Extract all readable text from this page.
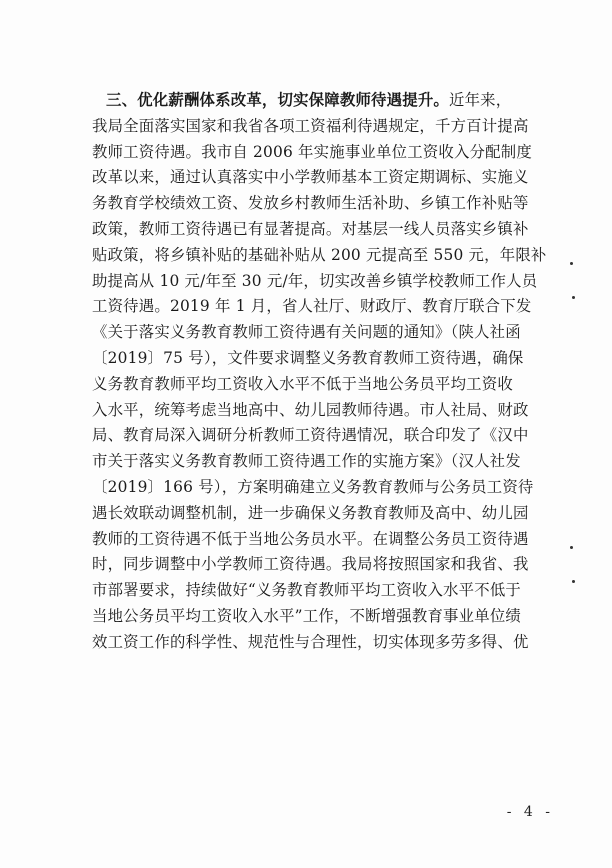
三、优化薪酬体系改革，切实保障教师待遇提升。近年来，
我局全面落实国家和我省各项工资福利待遇规定，千方百计提高
教师工资待遇。我市自 2006 年实施事业单位工资收入分配制度
改革以来，通过认真落实中小学教师基本工资定期调标、实施义
务教育学校绩效工资、发放乡村教师生活补助、乡镇工作补贴等
政策，教师工资待遇已有显著提高。对基层一线人员落实乡镇补
贴政策，将乡镇补贴的基础补贴从 200 元提高至 550 元，年限补
助提高从 10 元/年至 30 元/年，切实改善乡镇学校教师工作人员
工资待遇。2019 年 1 月，省人社厅、财政厅、教育厅联合下发
《关于落实义务教育教师工资待遇有关问题的通知》（陕人社函
〔2019〕75 号），文件要求调整义务教育教师工资待遇，确保
义务教育教师平均工资收入水平不低于当地公务员平均工资收
入水平，统筹考虑当地高中、幼儿园教师待遇。市人社局、财政
局、教育局深入调研分析教师工资待遇情况，联合印发了《汉中
市关于落实义务教育教师工资待遇工作的实施方案》（汉人社发
〔2019〕166 号），方案明确建立义务教育教师与公务员工资待
遇长效联动调整机制，进一步确保义务教育教师及高中、幼儿园
教师的工资待遇不低于当地公务员水平。在调整公务员工资待遇
时，同步调整中小学教师工资待遇。我局将按照国家和我省、我
市部署要求，持续做好“义务教育教师平均工资收入水平不低于
当地公务员平均工资收入水平”工作，不断增强教育事业单位绩
效工资工作的科学性、规范性与合理性，切实体现多劳多得、优
- 4 -
